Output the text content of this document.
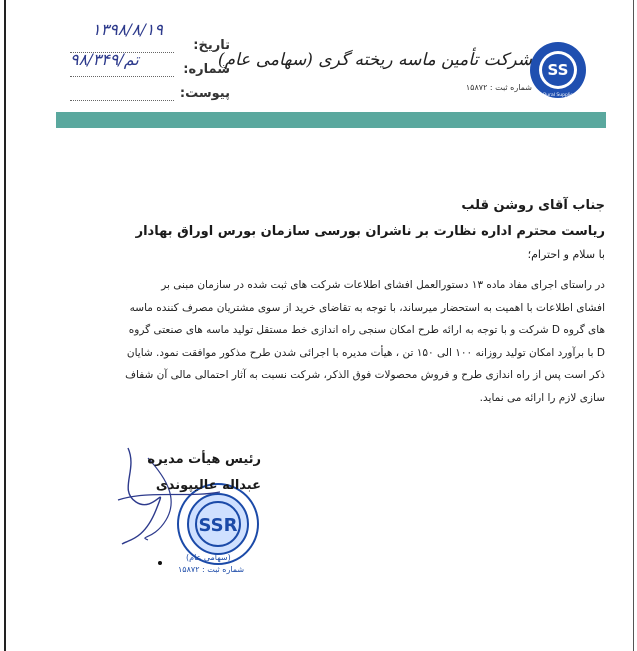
SS
Sica Bural Supplier Co.
شرکت تأمین ماسه ریخته گری (سهامی عام)
شماره ثبت : ۱۵۸۷۲
تاریخ:
۱۳۹۸/۸/۱۹
شماره:
ت‍م/۹۸/۳۴۹
پیوست:
جناب آقای روشن قلب
ریاست محترم اداره نظارت بر ناشران بورسی سازمان بورس اوراق بهادار
با سلام و احترام؛
در راستای اجرای مفاد ماده ۱۳ دستورالعمل افشای اطلاعات شرکت های ثبت شده در سازمان مبنی بر
افشای اطلاعات با اهمیت به استحضار میرساند، با توجه به تقاضای خرید از سوی مشتریان مصرف کننده ماسه
های گروه D شرکت و با توجه به ارائه طرح امکان سنجی راه اندازی خط مستقل تولید ماسه های صنعتی گروه
D با برآورد امکان تولید روزانه ۱۰۰ الی ۱۵۰ تن ، هیأت مدیره با اجرائی شدن طرح مذکور موافقت نمود. شایان
ذکر است پس از راه اندازی طرح و فروش محصولات فوق الذکر، شرکت نسبت به آثار احتمالی مالی آن شفاف
سازی لازم را ارائه می نماید.
SSR
رئیس هیأت مدیره
عبداله عالیپوندی
(سهامی عام)
شماره ثبت : ۱۵۸۷۲
